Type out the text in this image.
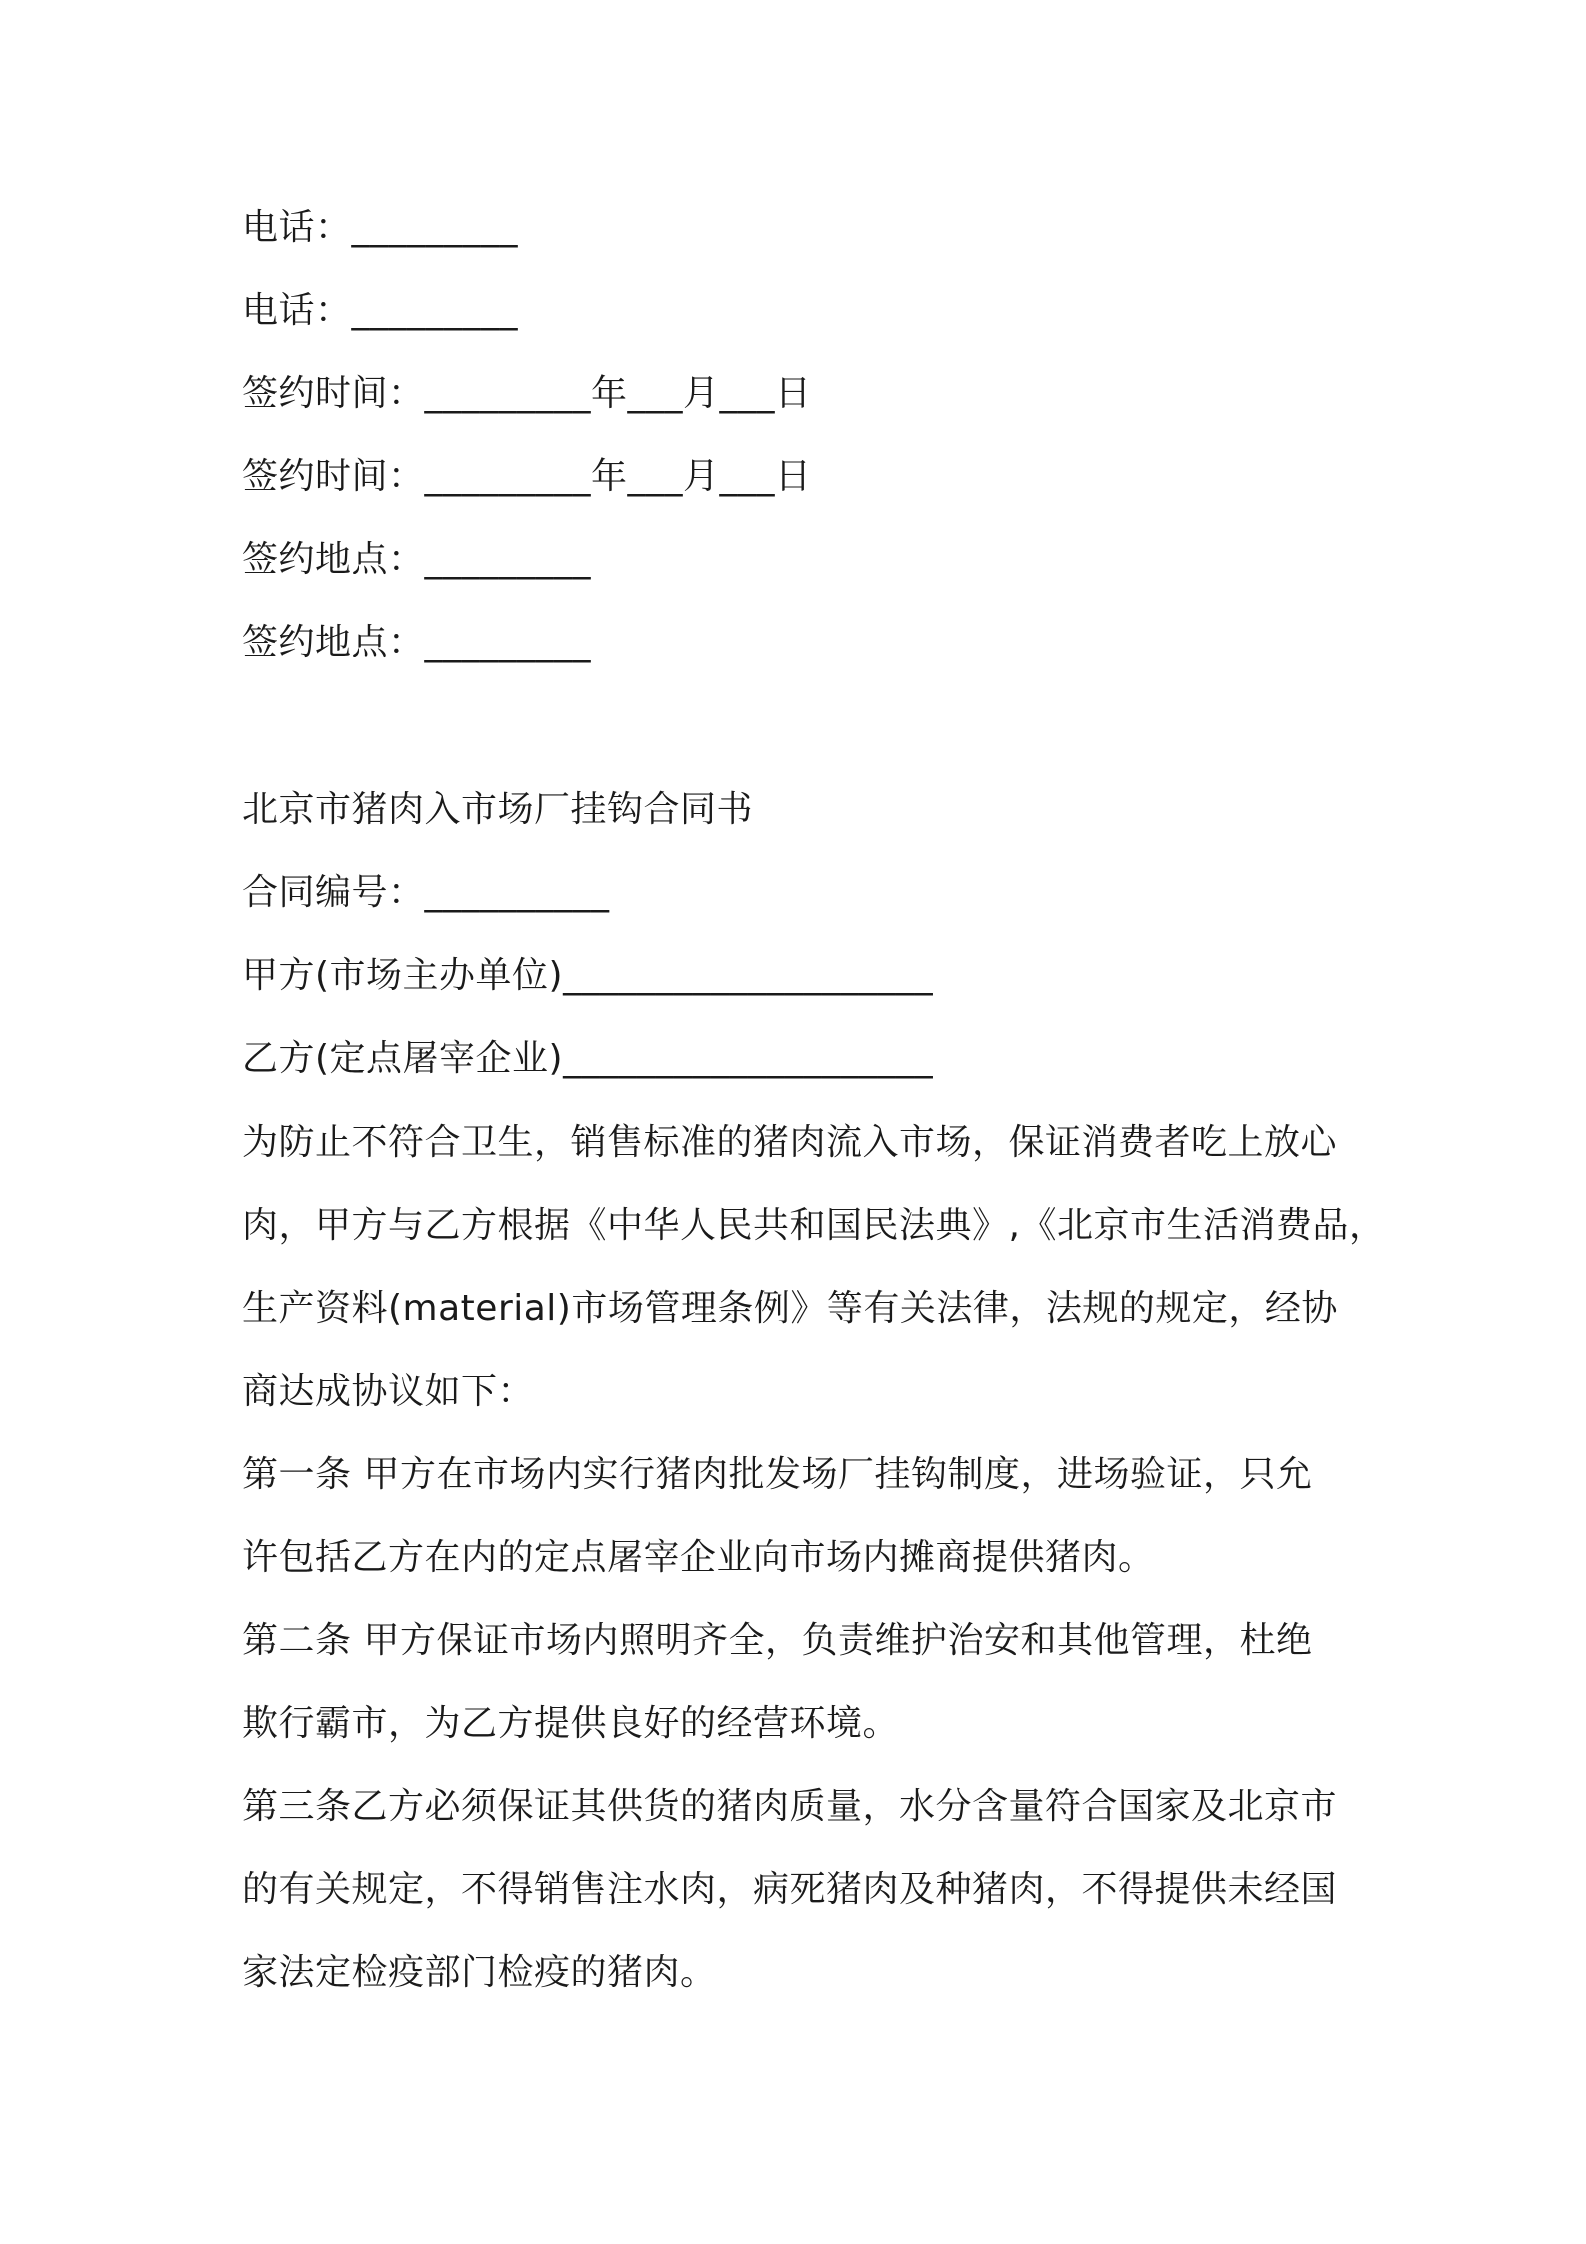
电话：_________
电话：_________
签约时间：_________年___月___日
签约时间：_________年___月___日
签约地点：_________
签约地点：_________
北京市猪肉入市场厂挂钩合同书
合同编号：__________
甲方(市场主办单位)____________________
乙方(定点屠宰企业)____________________
为防止不符合卫生，销售标准的猪肉流入市场，保证消费者吃上放心
肉，甲方与乙方根据《中华人民共和国民法典》,《北京市生活消费品，
生产资料(material)市场管理条例》等有关法律，法规的规定，经协
商达成协议如下：
第一条 甲方在市场内实行猪肉批发场厂挂钩制度，进场验证，只允
许包括乙方在内的定点屠宰企业向市场内摊商提供猪肉。
第二条 甲方保证市场内照明齐全，负责维护治安和其他管理，杜绝
欺行霸市，为乙方提供良好的经营环境。
第三条乙方必须保证其供货的猪肉质量，水分含量符合国家及北京市
的有关规定，不得销售注水肉，病死猪肉及种猪肉，不得提供未经国
家法定检疫部门检疫的猪肉。
